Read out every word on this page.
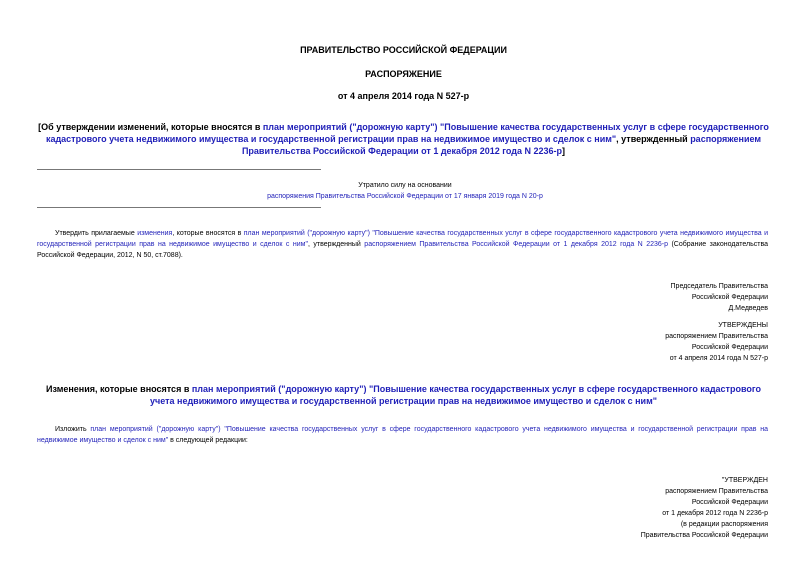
ПРАВИТЕЛЬСТВО РОССИЙСКОЙ ФЕДЕРАЦИИ
РАСПОРЯЖЕНИЕ
от 4 апреля 2014 года N 527-р
[Об утверждении изменений, которые вносятся в план мероприятий ("дорожную карту") "Повышение качества государственных услуг в сфере государственного кадастрового учета недвижимого имущества и государственной регистрации прав на недвижимое имущество и сделок с ним", утвержденный распоряжением Правительства Российской Федерации от 1 декабря 2012 года N 2236-р]
Утратило силу на основании
распоряжения Правительства Российской Федерации от 17 января 2019 года N 20-р
Утвердить прилагаемые изменения, которые вносятся в план мероприятий ("дорожную карту") "Повышение качества государственных услуг в сфере государственного кадастрового учета недвижимого имущества и государственной регистрации прав на недвижимое имущество и сделок с ним", утвержденный распоряжением Правительства Российской Федерации от 1 декабря 2012 года N 2236-р (Собрание законодательства Российской Федерации, 2012, N 50, ст.7088).
Председатель Правительства
Российской Федерации
Д.Медведев
УТВЕРЖДЕНЫ
распоряжением Правительства
Российской Федерации
от 4 апреля 2014 года N 527-р
Изменения, которые вносятся в план мероприятий ("дорожную карту") "Повышение качества государственных услуг в сфере государственного кадастрового учета недвижимого имущества и государственной регистрации прав на недвижимое имущество и сделок с ним"
Изложить план мероприятий ("дорожную карту") "Повышение качества государственных услуг в сфере государственного кадастрового учета недвижимого имущества и государственной регистрации прав на недвижимое имущество и сделок с ним" в следующей редакции:
"УТВЕРЖДЕН
распоряжением Правительства
Российской Федерации
от 1 декабря 2012 года N 2236-р
(в редакции распоряжения
Правительства Российской Федерации
